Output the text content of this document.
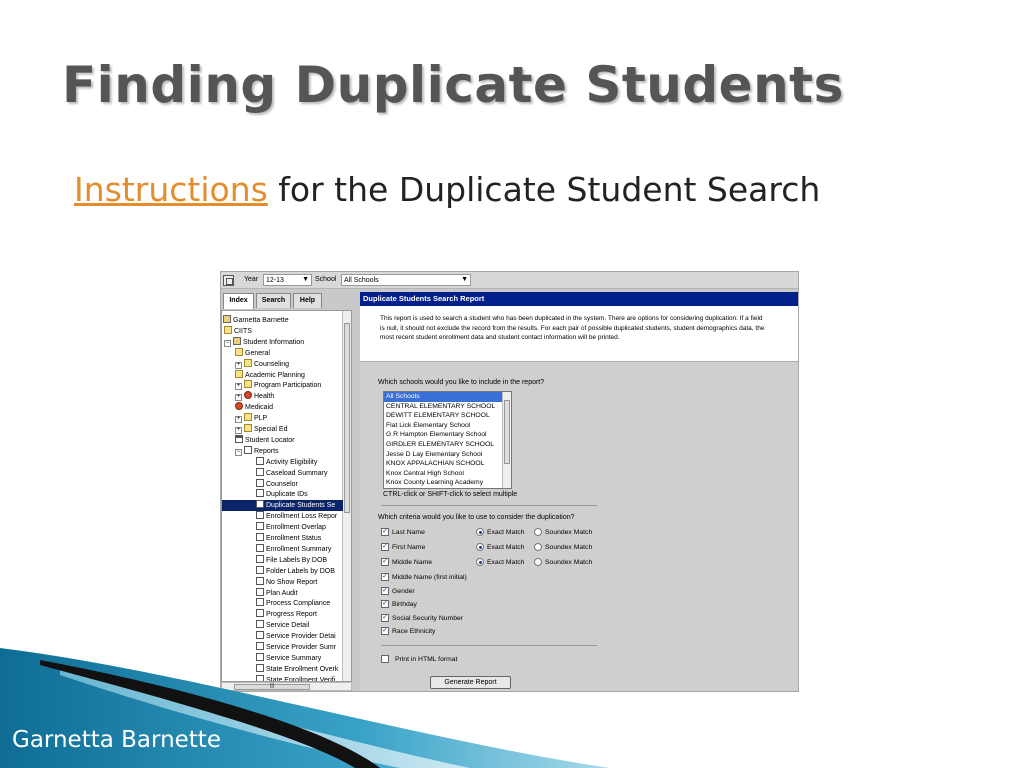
Finding Duplicate Students
Instructions for the Duplicate Student Search
Year	12-13	▼ School	All Schools	▼
Index	Search	Help
Garnetta Barnette
CIITS
− Student Information
General
+ Counseling
Academic Planning
+ Program Participation
+ Health
Medicaid
+ PLP
+ Special Ed
Student Locator
− Reports
Activity Eligibility
Caseload Summary
Counselor
Duplicate IDs
Duplicate Students Se
Enrollment Loss Repor
Enrollment Overlap
Enrollment Status
Enrollment Summary
File Labels By DOB
Folder Labels by DOB
No Show Report
Plan Audit
Process Compliance
Progress Report
Service Detail
Service Provider Detai
Service Provider Sumr
Service Summary
State Enrollment Overk
State Enrollment Verifi
|||
Duplicate Students Search Report
This report is used to search a student who has been duplicated in the system. There are options for considering duplication: If a field is null, it should not exclude the record from the results. For each pair of possible duplicated students, student demographics data, the most recent student enrollment data and student contact information will be printed.
Which schools would you like to include in the report?
All Schools
CENTRAL ELEMENTARY SCHOOL
DEWITT ELEMENTARY SCHOOL
Flat Lick Elementary School
G R Hampton Elementary School
GIRDLER ELEMENTARY SCHOOL
Jesse D Lay Elementary School
KNOX APPALACHIAN SCHOOL
Knox Central High School
Knox County Learning Academy
CTRL-click or SHIFT-click to select multiple
Which criteria would you like to use to consider the duplication?
✓ Last Name	Exact Match	Soundex Match
✓ First Name	Exact Match	Soundex Match
✓ Middle Name	Exact Match	Soundex Match
✓ Middle Name (first initial)
✓ Gender
✓ Birthday
✓ Social Security Number
✓ Race Ethnicity
Print in HTML format
Generate Report
Garnetta Barnette
